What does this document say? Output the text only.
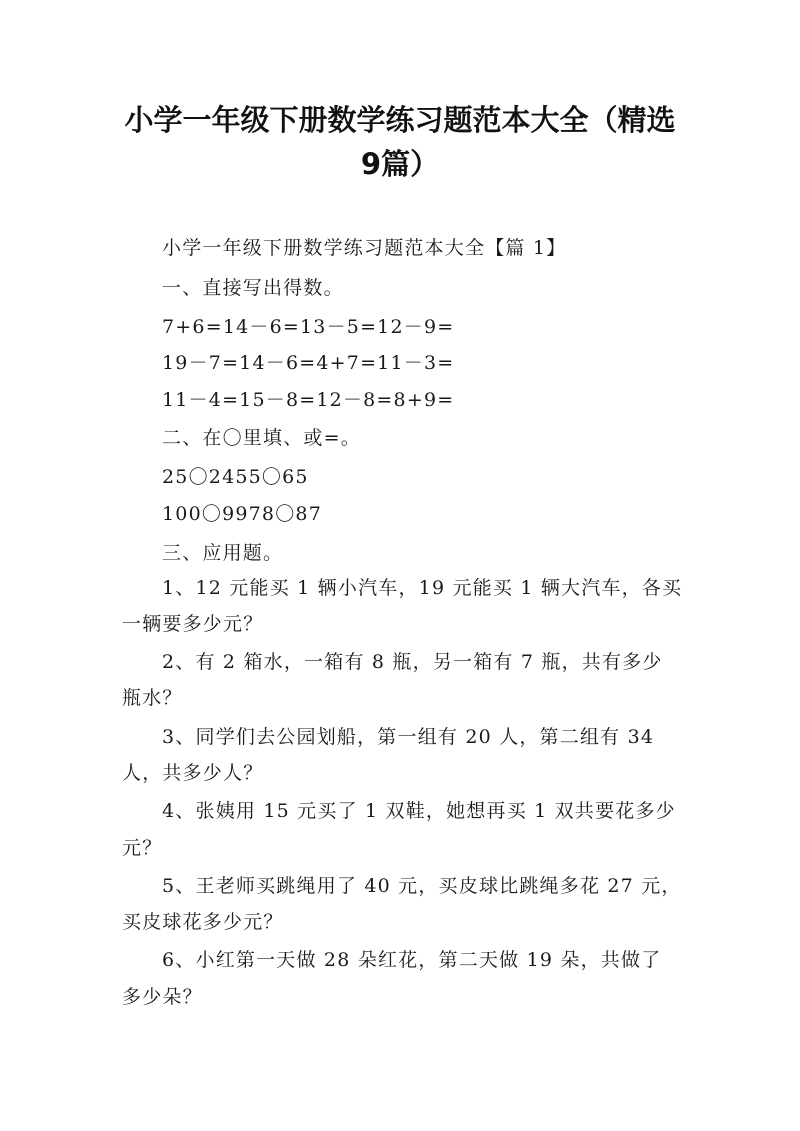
小学一年级下册数学练习题范本大全（精选
9篇）
小学一年级下册数学练习题范本大全【篇 1】
一、直接写出得数。
7+6=14－6=13－5=12－9=
19－7=14－6=4+7=11－3=
11－4=15－8=12－8=8+9=
二、在〇里填、或=。
25〇2455〇65
100〇9978〇87
三、应用题。
1、12 元能买 1 辆小汽车，19 元能买 1 辆大汽车，各买
一辆要多少元？
2、有 2 箱水，一箱有 8 瓶，另一箱有 7 瓶，共有多少
瓶水？
3、同学们去公园划船，第一组有 20 人，第二组有 34
人，共多少人？
4、张姨用 15 元买了 1 双鞋，她想再买 1 双共要花多少
元？
5、王老师买跳绳用了 40 元，买皮球比跳绳多花 27 元，
买皮球花多少元？
6、小红第一天做 28 朵红花，第二天做 19 朵，共做了
多少朵？
